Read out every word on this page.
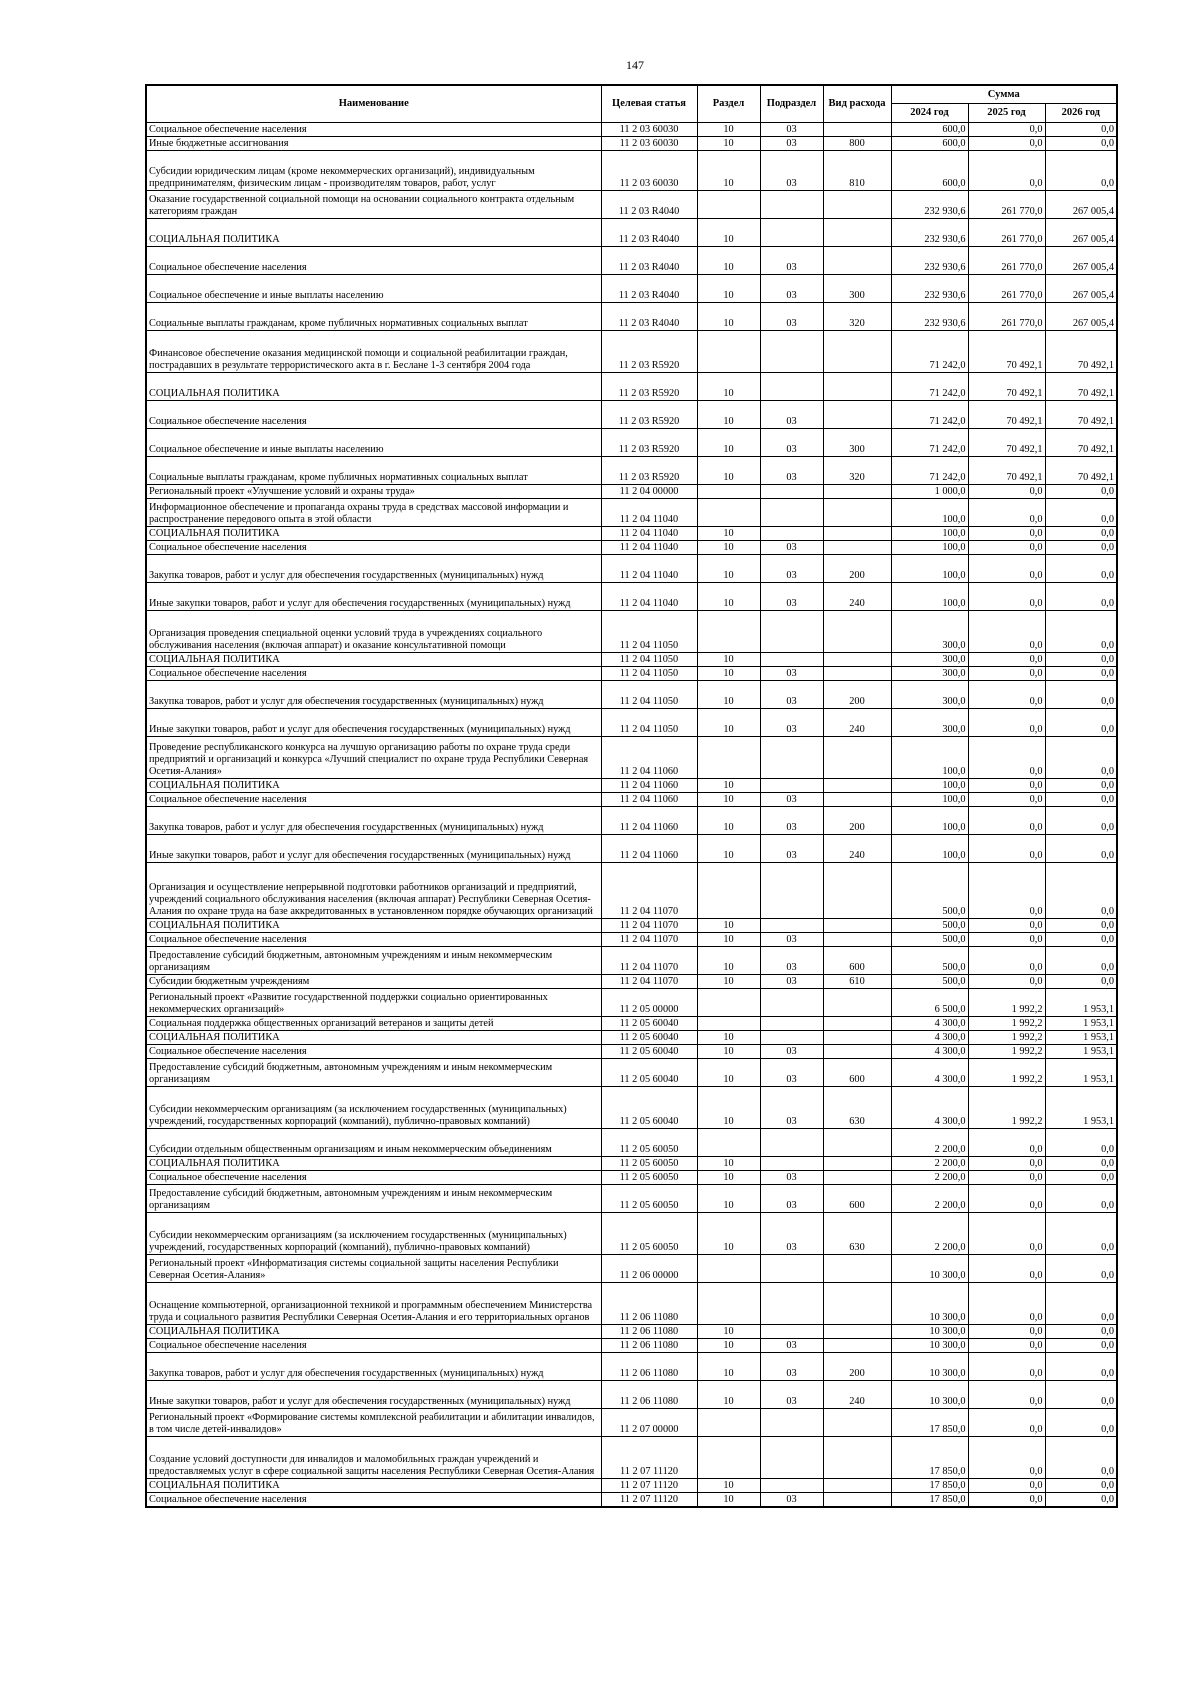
147
Наименование	Целевая статья	Раздел	Подраздел	Вид расхода	Сумма		
					2024 год	2025 год	2026 год
Социальное обеспечение населения	11 2 03 60030	10	03		600,0	0,0	0,0
Иные бюджетные ассигнования	11 2 03 60030	10	03	800	600,0	0,0	0,0
Субсидии юридическим лицам (кроме некоммерческих организаций), индивидуальным предпринимателям, физическим лицам - производителям товаров, работ, услуг	11 2 03 60030	10	03	810	600,0	0,0	0,0
Оказание государственной социальной помощи на основании социального контракта отдельным категориям граждан	11 2 03 R4040				232 930,6	261 770,0	267 005,4
СОЦИАЛЬНАЯ ПОЛИТИКА	11 2 03 R4040	10			232 930,6	261 770,0	267 005,4
Социальное обеспечение населения	11 2 03 R4040	10	03		232 930,6	261 770,0	267 005,4
Социальное обеспечение и иные выплаты населению	11 2 03 R4040	10	03	300	232 930,6	261 770,0	267 005,4
Социальные выплаты гражданам, кроме публичных нормативных социальных выплат	11 2 03 R4040	10	03	320	232 930,6	261 770,0	267 005,4
Финансовое обеспечение оказания медицинской помощи и социальной реабилитации граждан, пострадавших в результате террористического акта в г. Беслане 1-3 сентября 2004 года	11 2 03 R5920				71 242,0	70 492,1	70 492,1
СОЦИАЛЬНАЯ ПОЛИТИКА	11 2 03 R5920	10			71 242,0	70 492,1	70 492,1
Социальное обеспечение населения	11 2 03 R5920	10	03		71 242,0	70 492,1	70 492,1
Социальное обеспечение и иные выплаты населению	11 2 03 R5920	10	03	300	71 242,0	70 492,1	70 492,1
Социальные выплаты гражданам, кроме публичных нормативных социальных выплат	11 2 03 R5920	10	03	320	71 242,0	70 492,1	70 492,1
Региональный проект «Улучшение условий и охраны труда»	11 2 04 00000				1 000,0	0,0	0,0
Информационное обеспечение и пропаганда охраны труда в средствах массовой информации и распространение передового опыта в этой области	11 2 04 11040				100,0	0,0	0,0
СОЦИАЛЬНАЯ ПОЛИТИКА	11 2 04 11040	10			100,0	0,0	0,0
Социальное обеспечение населения	11 2 04 11040	10	03		100,0	0,0	0,0
Закупка товаров, работ и услуг для обеспечения государственных (муниципальных) нужд	11 2 04 11040	10	03	200	100,0	0,0	0,0
Иные закупки товаров, работ и услуг для обеспечения государственных (муниципальных) нужд	11 2 04 11040	10	03	240	100,0	0,0	0,0
Организация проведения специальной оценки условий труда в учреждениях социального обслуживания населения (включая аппарат) и оказание консультативной помощи	11 2 04 11050				300,0	0,0	0,0
СОЦИАЛЬНАЯ ПОЛИТИКА	11 2 04 11050	10			300,0	0,0	0,0
Социальное обеспечение населения	11 2 04 11050	10	03		300,0	0,0	0,0
Закупка товаров, работ и услуг для обеспечения государственных (муниципальных) нужд	11 2 04 11050	10	03	200	300,0	0,0	0,0
Иные закупки товаров, работ и услуг для обеспечения государственных (муниципальных) нужд	11 2 04 11050	10	03	240	300,0	0,0	0,0
Проведение республиканского конкурса на лучшую организацию работы по охране труда среди предприятий и организаций и конкурса «Лучший специалист по охране труда Республики Северная Осетия-Алания»	11 2 04 11060				100,0	0,0	0,0
СОЦИАЛЬНАЯ ПОЛИТИКА	11 2 04 11060	10			100,0	0,0	0,0
Социальное обеспечение населения	11 2 04 11060	10	03		100,0	0,0	0,0
Закупка товаров, работ и услуг для обеспечения государственных (муниципальных) нужд	11 2 04 11060	10	03	200	100,0	0,0	0,0
Иные закупки товаров, работ и услуг для обеспечения государственных (муниципальных) нужд	11 2 04 11060	10	03	240	100,0	0,0	0,0
Организация и осуществление непрерывной подготовки работников организаций и предприятий, учреждений социального обслуживания населения (включая аппарат) Республики Северная Осетия-Алания по охране труда на базе аккредитованных в установленном порядке обучающих организаций	11 2 04 11070				500,0	0,0	0,0
СОЦИАЛЬНАЯ ПОЛИТИКА	11 2 04 11070	10			500,0	0,0	0,0
Социальное обеспечение населения	11 2 04 11070	10	03		500,0	0,0	0,0
Предоставление субсидий бюджетным, автономным учреждениям и иным некоммерческим организациям	11 2 04 11070	10	03	600	500,0	0,0	0,0
Субсидии бюджетным учреждениям	11 2 04 11070	10	03	610	500,0	0,0	0,0
Региональный проект «Развитие государственной поддержки социально ориентированных некоммерческих организаций»	11 2 05 00000				6 500,0	1 992,2	1 953,1
Социальная поддержка общественных организаций ветеранов и защиты детей	11 2 05 60040				4 300,0	1 992,2	1 953,1
СОЦИАЛЬНАЯ ПОЛИТИКА	11 2 05 60040	10			4 300,0	1 992,2	1 953,1
Социальное обеспечение населения	11 2 05 60040	10	03		4 300,0	1 992,2	1 953,1
Предоставление субсидий бюджетным, автономным учреждениям и иным некоммерческим организациям	11 2 05 60040	10	03	600	4 300,0	1 992,2	1 953,1
Субсидии некоммерческим организациям (за исключением государственных (муниципальных) учреждений, государственных корпораций (компаний), публично-правовых компаний)	11 2 05 60040	10	03	630	4 300,0	1 992,2	1 953,1
Субсидии отдельным общественным организациям и иным некоммерческим объединениям	11 2 05 60050				2 200,0	0,0	0,0
СОЦИАЛЬНАЯ ПОЛИТИКА	11 2 05 60050	10			2 200,0	0,0	0,0
Социальное обеспечение населения	11 2 05 60050	10	03		2 200,0	0,0	0,0
Предоставление субсидий бюджетным, автономным учреждениям и иным некоммерческим организациям	11 2 05 60050	10	03	600	2 200,0	0,0	0,0
Субсидии некоммерческим организациям (за исключением государственных (муниципальных) учреждений, государственных корпораций (компаний), публично-правовых компаний)	11 2 05 60050	10	03	630	2 200,0	0,0	0,0
Региональный проект «Информатизация системы социальной защиты населения Республики Северная Осетия-Алания»	11 2 06 00000				10 300,0	0,0	0,0
Оснащение компьютерной, организационной техникой и программным обеспечением Министерства труда и социального развития Республики Северная Осетия-Алания и его территориальных органов	11 2 06 11080				10 300,0	0,0	0,0
СОЦИАЛЬНАЯ ПОЛИТИКА	11 2 06 11080	10			10 300,0	0,0	0,0
Социальное обеспечение населения	11 2 06 11080	10	03		10 300,0	0,0	0,0
Закупка товаров, работ и услуг для обеспечения государственных (муниципальных) нужд	11 2 06 11080	10	03	200	10 300,0	0,0	0,0
Иные закупки товаров, работ и услуг для обеспечения государственных (муниципальных) нужд	11 2 06 11080	10	03	240	10 300,0	0,0	0,0
Региональный проект «Формирование системы комплексной реабилитации и абилитации инвалидов, в том числе детей-инвалидов»	11 2 07 00000				17 850,0	0,0	0,0
Создание условий доступности для инвалидов и маломобильных граждан учреждений и предоставляемых услуг в сфере социальной защиты населения Республики Северная Осетия-Алания	11 2 07 11120				17 850,0	0,0	0,0
СОЦИАЛЬНАЯ ПОЛИТИКА	11 2 07 11120	10			17 850,0	0,0	0,0
Социальное обеспечение населения	11 2 07 11120	10	03		17 850,0	0,0	0,0
